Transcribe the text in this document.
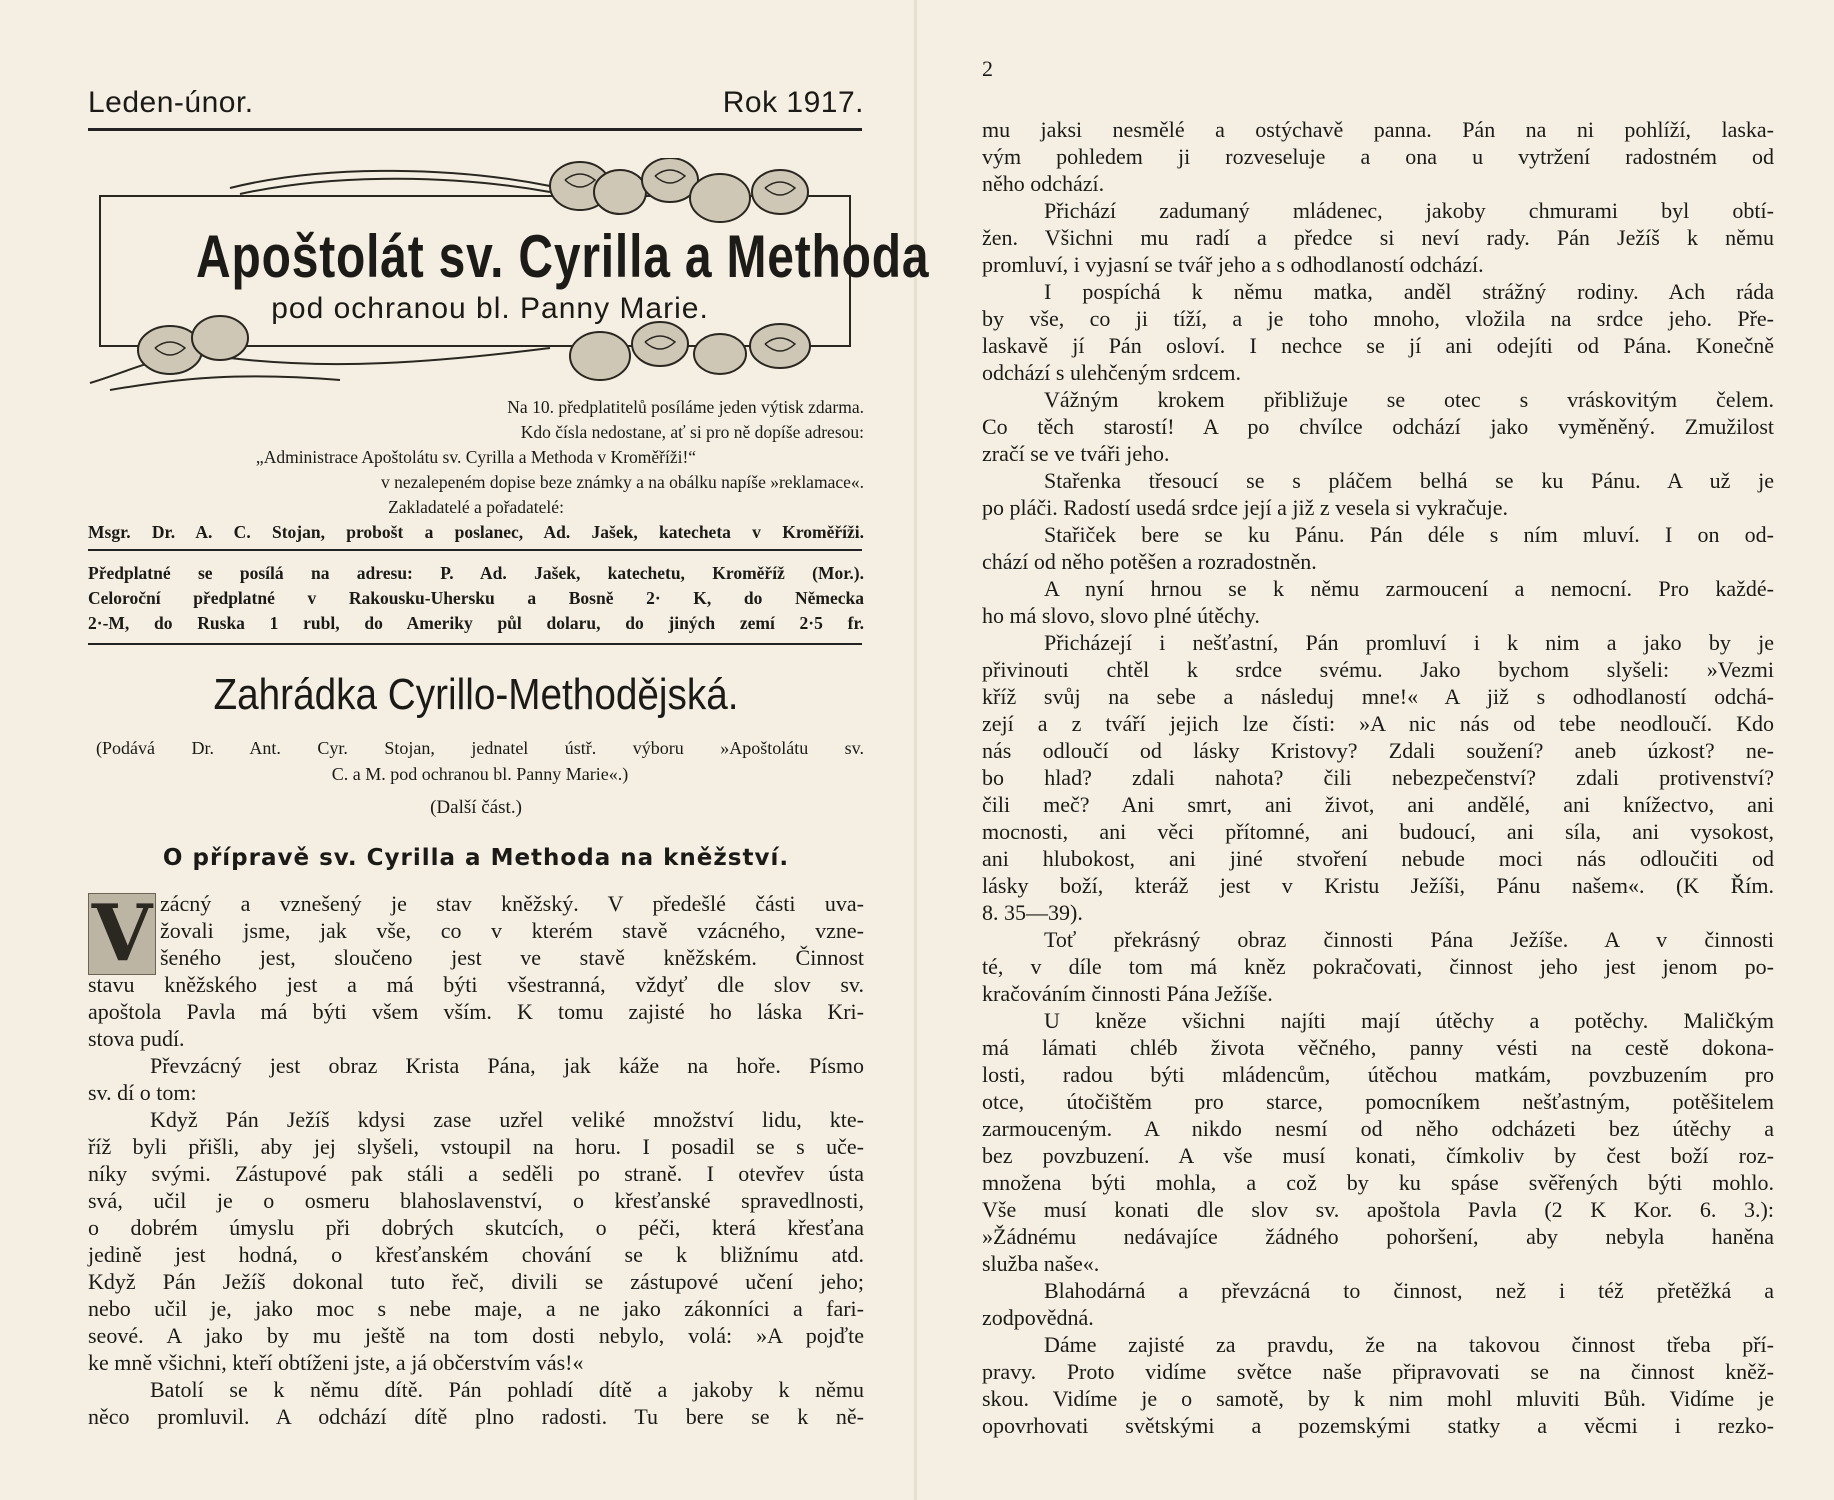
Leden-únor.	Rok 1917.
Apoštolát sv. Cyrilla a Methoda
pod ochranou bl. Panny Marie.

Na 10. předplatitelů posíláme jeden výtisk zdarma.

Kdo čísla nedostane, ať si pro ně dopíše adresou:

„Administrace Apoštolátu sv. Cyrilla a Methoda v Kroměříži!“

v nezalepeném dopise beze známky a na obálku napíše »reklamace«.

Zakladatelé a pořadatelé:

Msgr. Dr. A. C. Stojan, probošt a poslanec, Ad. Jašek, katecheta v Kroměříži.

Předplatné se posílá na adresu: P. Ad. Jašek, katechetu, Kroměříž (Mor.).

Celoroční předplatné v Rakousku-Uhersku a Bosně 2· K, do Německa

2·-M, do Ruska 1 rubl, do Ameriky půl dolaru, do jiných zemí 2·5 fr.

Zahrádka Cyrillo-Methodějská.

(Podává Dr. Ant. Cyr. Stojan, jednatel ústř. výboru »Apoštolátu sv.

C. a M. pod ochranou bl. Panny Marie«.)

(Další část.)
O přípravě sv. Cyrilla a Methoda na kněžství.
V zácný a vznešený je stav kněžský. V předešlé části uva-
žovali jsme, jak vše, co v kterém stavě vzácného, vzne-
šeného jest, sloučeno jest ve stavě kněžském. Činnost
stavu kněžského jest a má býti všestranná, vždyť dle slov sv.
apoštola Pavla má býti všem vším. K tomu zajisté ho láska Kri-
stova pudí.
Převzácný jest obraz Krista Pána, jak káže na hoře. Písmo
sv. dí o tom:
Když Pán Ježíš kdysi zase uzřel veliké množství lidu, kte-
říž byli přišli, aby jej slyšeli, vstoupil na horu. I posadil se s uče-
níky svými. Zástupové pak stáli a seděli po straně. I otevřev ústa
svá, učil je o osmeru blahoslavenství, o křesťanské spravedlnosti,
o dobrém úmyslu při dobrých skutcích, o péči, která křesťana
jedině jest hodná, o křesťanském chování se k bližnímu atd.
Když Pán Ježíš dokonal tuto řeč, divili se zástupové učení jeho;
nebo učil je, jako moc s nebe maje, a ne jako zákonníci a fari-
seové. A jako by mu ještě na tom dosti nebylo, volá: »A pojďte
ke mně všichni, kteří obtíženi jste, a já občerstvím vás!«
Batolí se k němu dítě. Pán pohladí dítě a jakoby k němu
něco promluvil. A odchází dítě plno radosti. Tu bere se k ně-
2
mu jaksi nesmělé a ostýchavě panna. Pán na ni pohlíží, laska-
vým pohledem ji rozveseluje a ona u vytržení radostném od
něho odchází.
Přichází zadumaný mládenec, jakoby chmurami byl obtí-
žen. Všichni mu radí a předce si neví rady. Pán Ježíš k němu
promluví, i vyjasní se tvář jeho a s odhodlaností odchází.
I pospíchá k němu matka, anděl strážný rodiny. Ach ráda
by vše, co ji tíží, a je toho mnoho, vložila na srdce jeho. Pře-
laskavě jí Pán osloví. I nechce se jí ani odejíti od Pána. Konečně
odchází s ulehčeným srdcem.
Vážným krokem přibližuje se otec s vráskovitým čelem.
Co těch starostí! A po chvílce odchází jako vyměněný. Zmužilost
zračí se ve tváři jeho.
Stařenka třesoucí se s pláčem belhá se ku Pánu. A už je
po pláči. Radostí usedá srdce její a již z vesela si vykračuje.
Stařiček bere se ku Pánu. Pán déle s ním mluví. I on od-
chází od něho potěšen a rozradostněn.
A nyní hrnou se k němu zarmoucení a nemocní. Pro každé-
ho má slovo, slovo plné útěchy.
Přicházejí i nešťastní, Pán promluví i k nim a jako by je
přivinouti chtěl k srdce svému. Jako bychom slyšeli: »Vezmi
kříž svůj na sebe a následuj mne!« A již s odhodlaností odchá-
zejí a z tváří jejich lze čísti: »A nic nás od tebe neodloučí. Kdo
nás odloučí od lásky Kristovy? Zdali soužení? aneb úzkost? ne-
bo hlad? zdali nahota? čili nebezpečenství? zdali protivenství?
čili meč? Ani smrt, ani život, ani andělé, ani knížectvo, ani
mocnosti, ani věci přítomné, ani budoucí, ani síla, ani vysokost,
ani hlubokost, ani jiné stvoření nebude moci nás odloučiti od
lásky boží, kteráž jest v Kristu Ježíši, Pánu našem«. (K Řím.
8. 35—39).
Toť překrásný obraz činnosti Pána Ježíše. A v činnosti
té, v díle tom má kněz pokračovati, činnost jeho jest jenom po-
kračováním činnosti Pána Ježíše.
U kněze všichni najíti mají útěchy a potěchy. Maličkým
má lámati chléb života věčného, panny vésti na cestě dokona-
losti, radou býti mládencům, útěchou matkám, povzbuzením pro
otce, útočištěm pro starce, pomocníkem nešťastným, potěšitelem
zarmouceným. A nikdo nesmí od něho odcházeti bez útěchy a
bez povzbuzení. A vše musí konati, čímkoliv by čest boží roz-
množena býti mohla, a což by ku spáse svěřených býti mohlo.
Vše musí konati dle slov sv. apoštola Pavla (2 K Kor. 6. 3.):
»Žádnému nedávajíce žádného pohoršení, aby nebyla haněna
služba naše«.
Blahodárná a převzácná to činnost, než i též přetěžká a
zodpovědná.
Dáme zajisté za pravdu, že na takovou činnost třeba pří-
pravy. Proto vidíme světce naše připravovati se na činnost kněž-
skou. Vidíme je o samotě, by k nim mohl mluviti Bůh. Vidíme je
opovrhovati světskými a pozemskými statky a věcmi i rezko-
